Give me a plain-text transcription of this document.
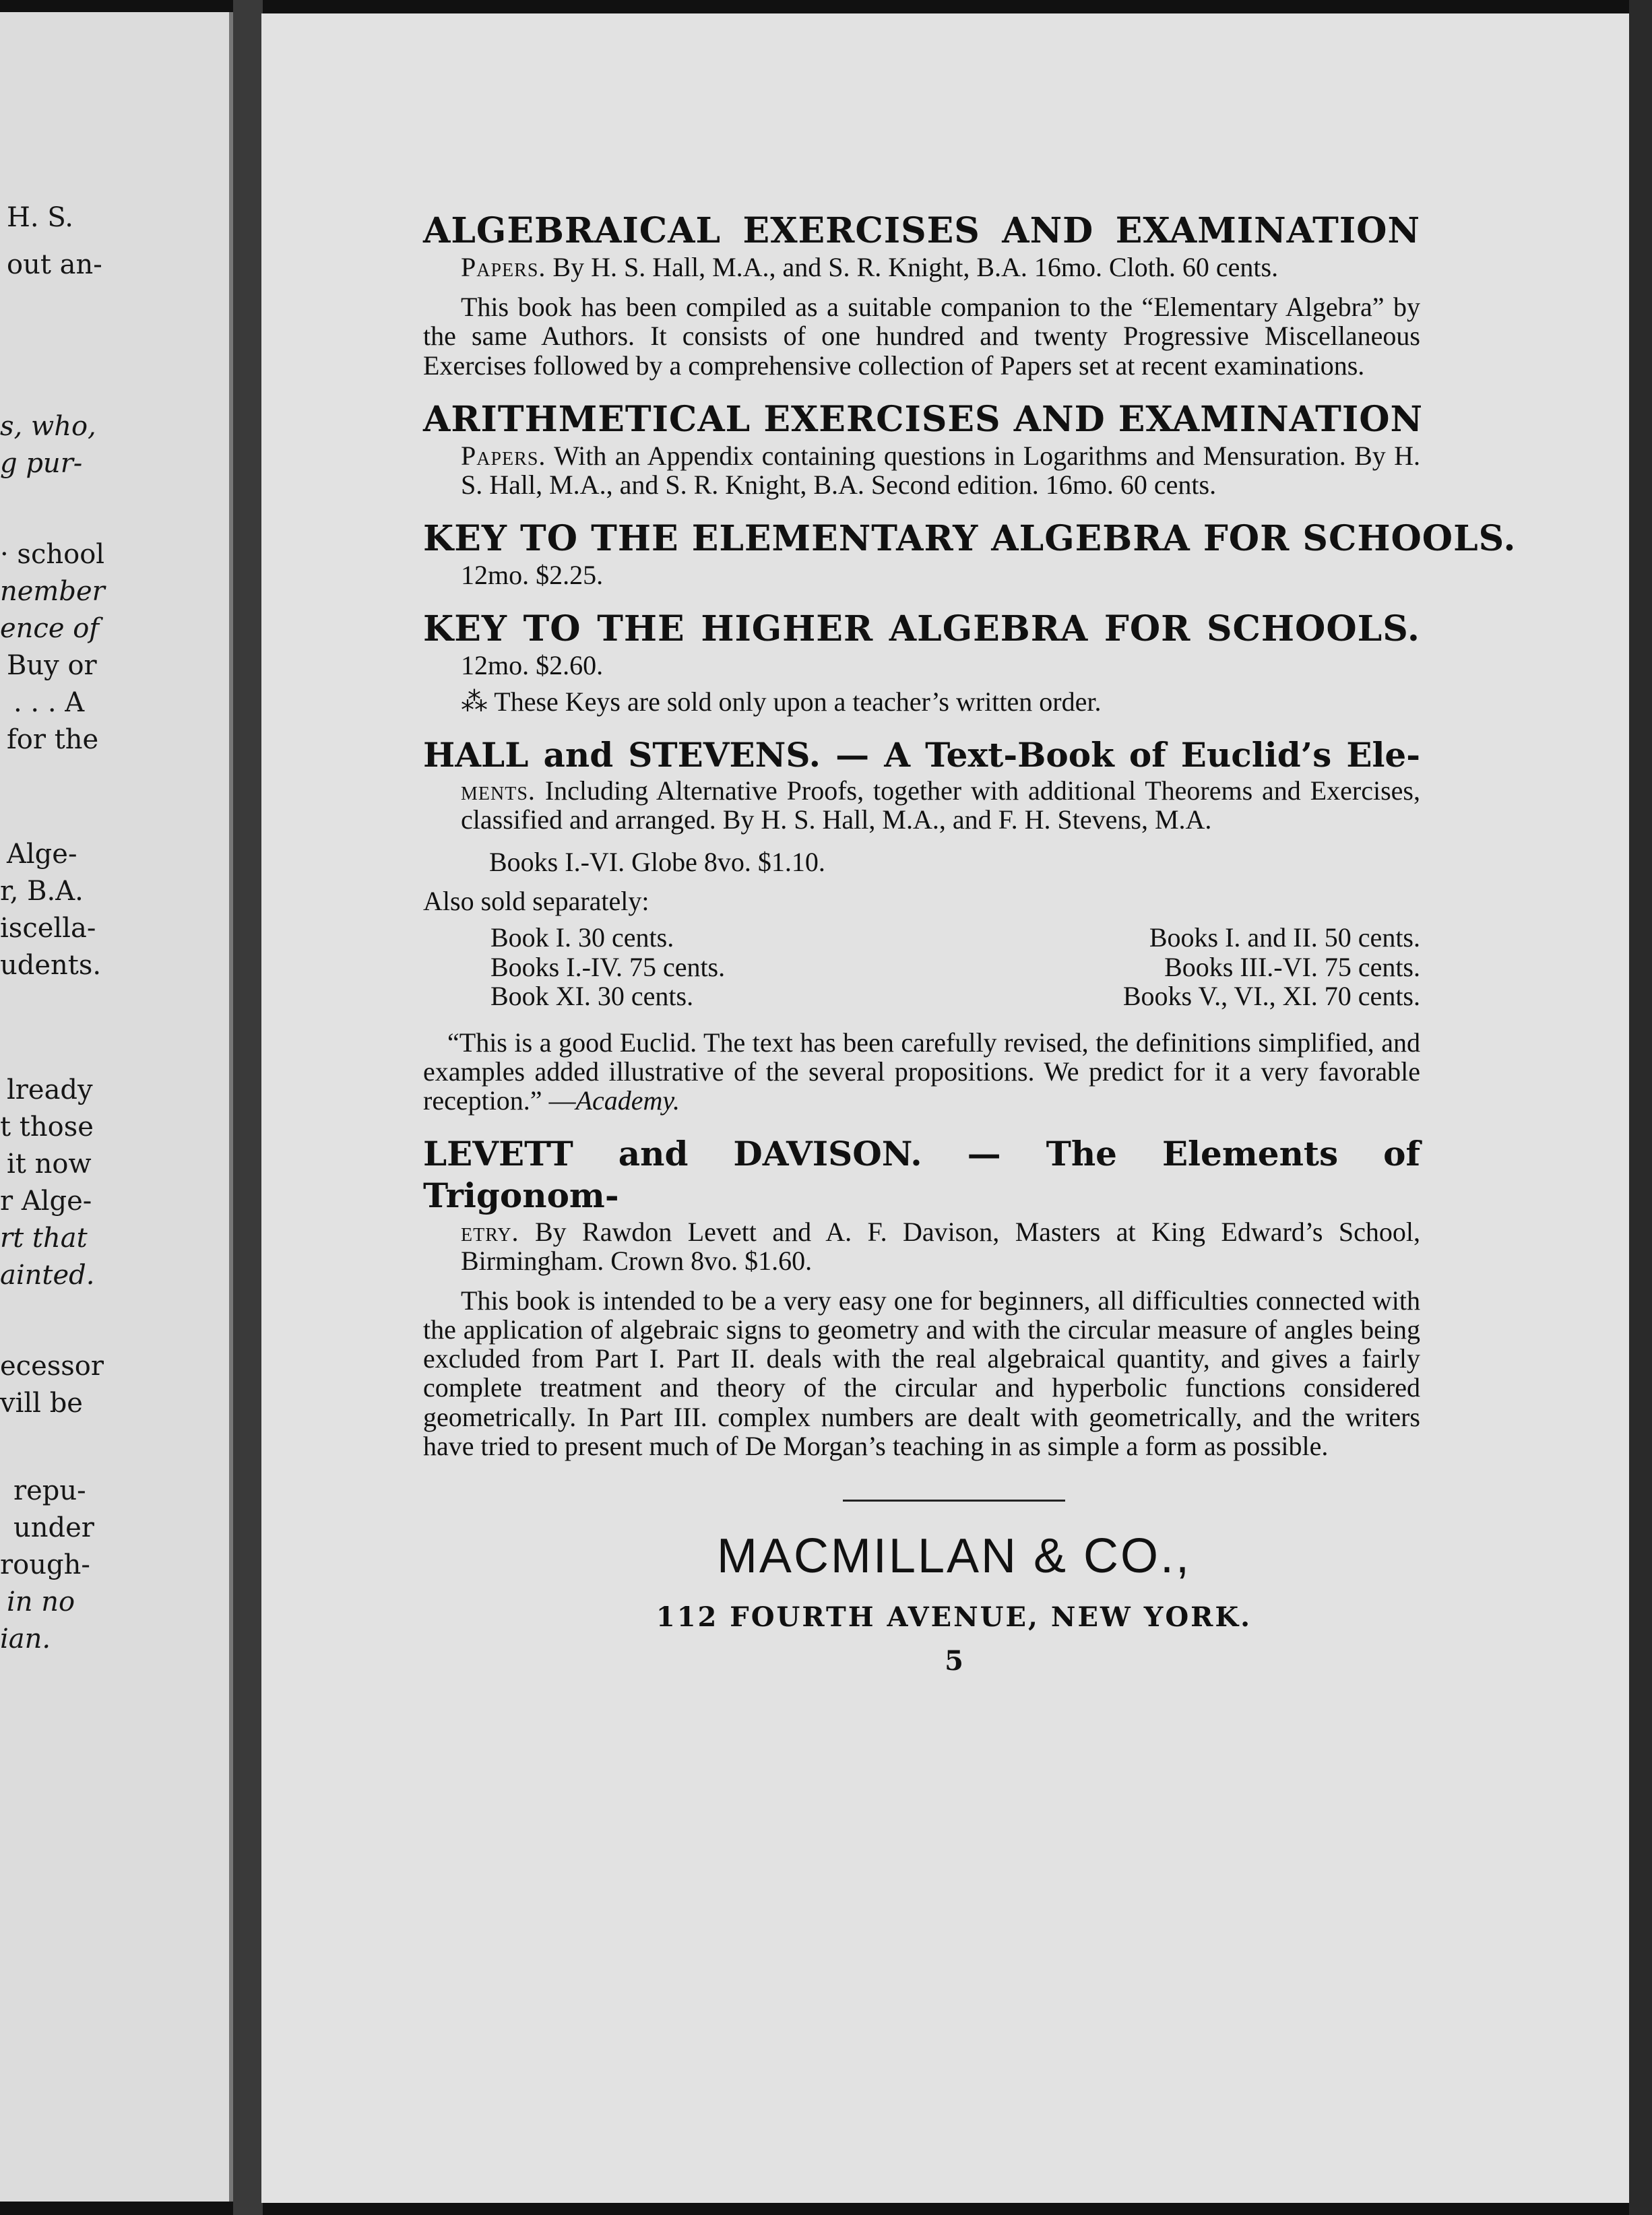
H. S.
out an-
s, who,
g pur-
· school
nember
ence of
Buy or
. . . A
for the
Alge-
r, B.A.
iscella-
udents.
lready
t those
it now
r Alge-
rt that
ainted.
ecessor
vill be
repu-
under
rough-
in no
ian.
ALGEBRAICAL EXERCISES AND EXAMINATION
Papers. By H. S. Hall, M.A., and S. R. Knight, B.A. 16mo. Cloth. 60 cents.
This book has been compiled as a suitable companion to the “Elementary Algebra” by the same Authors. It consists of one hundred and twenty Progressive Miscellaneous Exercises followed by a comprehensive collection of Papers set at recent examinations.
ARITHMETICAL EXERCISES AND EXAMINATION
Papers. With an Appendix containing questions in Logarithms and Mensuration. By H. S. Hall, M.A., and S. R. Knight, B.A. Second edition. 16mo. 60 cents.
KEY TO THE ELEMENTARY ALGEBRA FOR SCHOOLS.
12mo. $2.25.
KEY TO THE HIGHER ALGEBRA FOR SCHOOLS.
12mo. $2.60.
⁂ These Keys are sold only upon a teacher’s written order.
HALL and STEVENS. — A Text-Book of Euclid’s Ele-
ments. Including Alternative Proofs, together with additional Theorems and Exercises, classified and arranged. By H. S. Hall, M.A., and F. H. Stevens, M.A.
Books I.-VI. Globe 8vo. $1.10.
Also sold separately:
Book I. 30 cents.	Books I. and II. 50 cents.
Books I.-IV. 75 cents.	Books III.-VI. 75 cents.
Book XI. 30 cents.	Books V., VI., XI. 70 cents.
“This is a good Euclid. The text has been carefully revised, the definitions simplified, and examples added illustrative of the several propositions. We predict for it a very favorable reception.” —Academy.
LEVETT and DAVISON. — The Elements of Trigonom-
etry. By Rawdon Levett and A. F. Davison, Masters at King Edward’s School, Birmingham. Crown 8vo. $1.60.
This book is intended to be a very easy one for beginners, all difficulties connected with the application of algebraic signs to geometry and with the circular measure of angles being excluded from Part I. Part II. deals with the real algebraical quantity, and gives a fairly complete treatment and theory of the circular and hyperbolic functions considered geometrically. In Part III. complex numbers are dealt with geometrically, and the writers have tried to present much of De Morgan’s teaching in as simple a form as possible.
MACMILLAN & CO.,
112 FOURTH AVENUE, NEW YORK.
5
